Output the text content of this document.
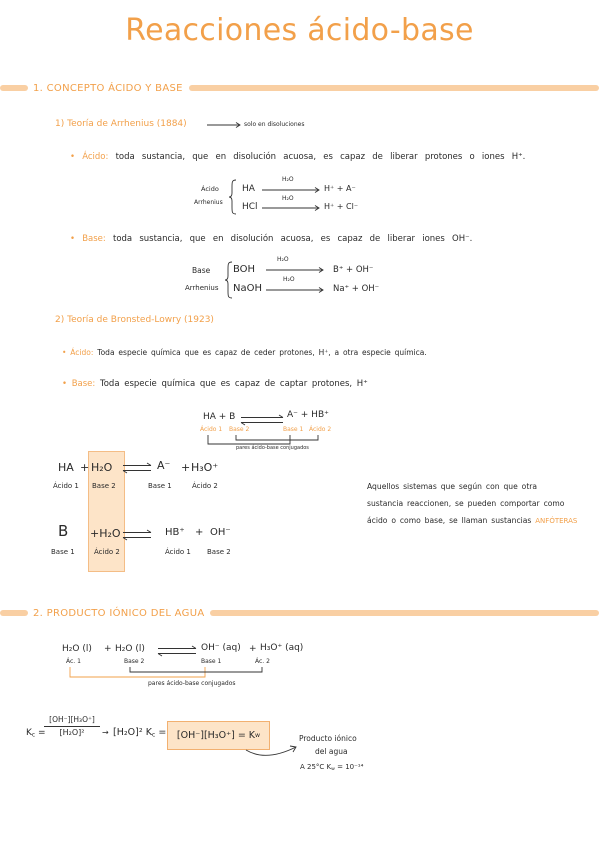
Reacciones ácido-base
1. CONCEPTO ÁCIDO Y BASE
1) Teoría de Arrhenius (1884)	solo en disoluciones
• Ácido: toda sustancia, que en disolución acuosa, es capaz de liberar protones o iones H⁺.
Ácido
Arrhenius
HA
H₂O
H⁺ + A⁻
HCl
H₂O
H⁺ + Cl⁻
• Base: toda sustancia, que en disolución acuosa, es capaz de liberar iones OH⁻.
Base
Arrhenius
BOH
H₂O
B⁺ + OH⁻
NaOH
H₂O
Na⁺ + OH⁻
2) Teoría de Bronsted-Lowry (1923)
• Ácido: Toda especie química que es capaz de ceder protones, H⁺, a otra especie química.
• Base: Toda especie química que es capaz de captar protones, H⁺
HA + B ⇌ A⁻ + HB⁺
Ácido 1 Base 2	Base 1 Ácido 2
pares ácido-base conjugados
HA + H₂O ⇌ A⁻ + H₃O⁺
Ácido 1 Base 2	Base 1	Ácido 2
B +H₂O ⇌ HB⁺ + OH⁻
Base 1	Ácido 2	Ácido 1 Base 2
Aquellos sistemas que según con que otra
sustancia reaccionen, se pueden comportar como
ácido o como base, se llaman sustancias ANFÓTERAS
2. PRODUCTO IÓNICO DEL AGUA
H₂O (l) + H₂O (l) ⇌ OH⁻ (aq) + H₃O⁺ (aq)
Ác. 1	Base 2	Base 1	Ác. 2
pares ácido-base conjugados
$K_c$ =
$\frac{\text{[OH⁻][H₃O⁺]}}{\text{[H₂O]²}} \to [H_2O]^2$ $K_c = [OH^-][H_3O^+] = K$ w	Producto iónico
del agua
A 25°C $K_w = 10^{-14}$
